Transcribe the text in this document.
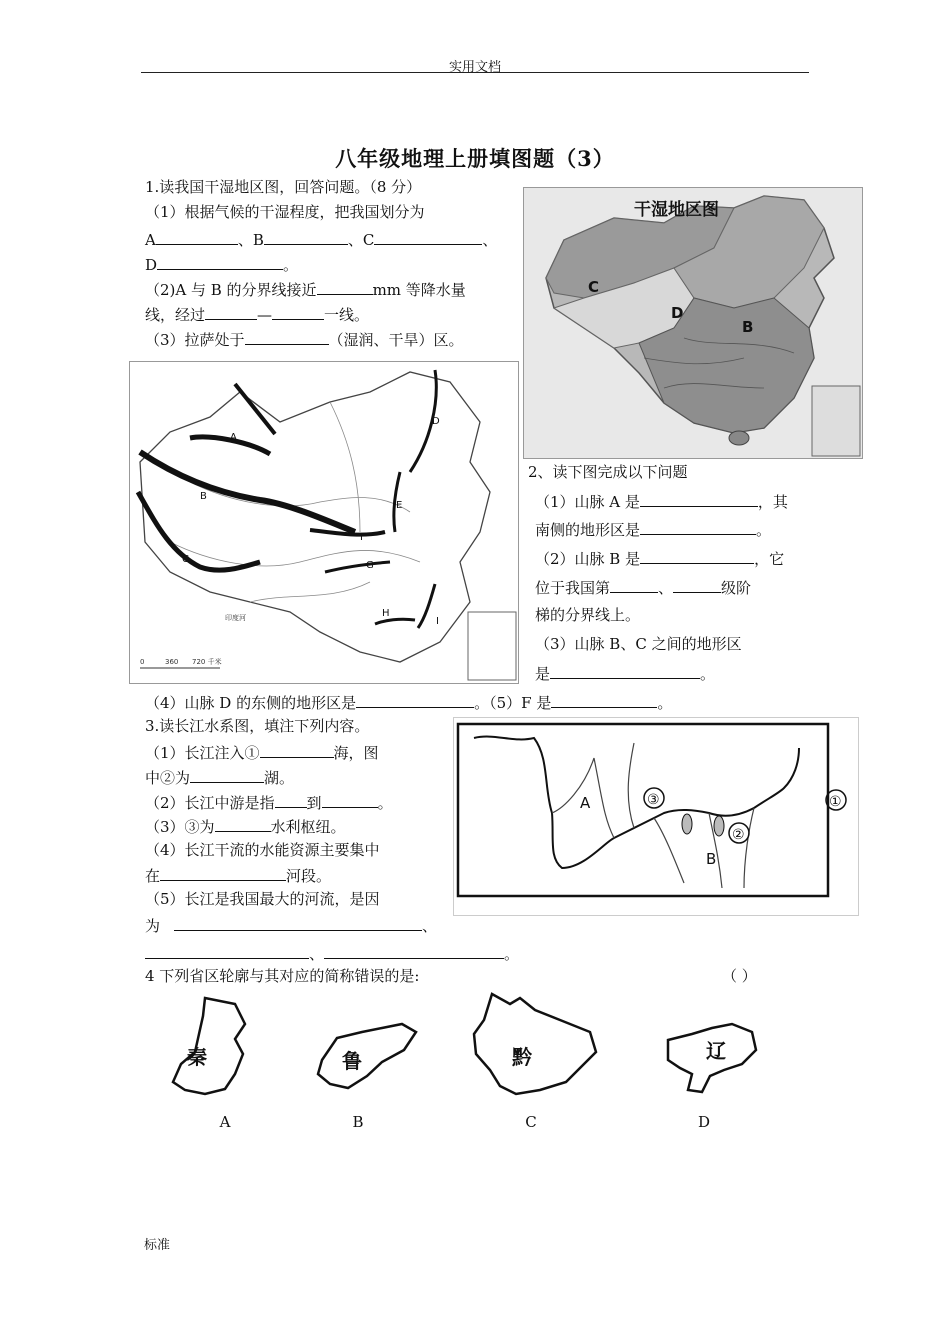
实用文档
八年级地理上册填图题（3）
1.读我国干湿地区图，回答问题。（8 分）
（1）根据气候的干湿程度，把我国划分为
A	、B	、C	、
D	。
（2)A 与 B 的分界线接近	mm 等降水量
线，经过	—	一线。
（3）拉萨处于	（湿润、干旱）区。
干湿地区图
C
D
B
A
B
C
D
E
F
G
H
I
印度河
0	360 720 千米
2、读下图完成以下问题
（1）山脉 A 是	，其
南侧的地形区是	。
（2）山脉 B 是	，它
位于我国第	、	级阶
梯的分界线上。
（3）山脉 B、C 之间的地形区
是	。
（4）山脉 D 的东侧的地形区是	。（5）F 是	。
3.读长江水系图，填注下列内容。
（1）长江注入①	海，图
中②为	湖。
（2）长江中游是指 到	。
（3）③为	水利枢纽。
（4）长江干流的水能资源主要集中
在	河段。
（5）长江是我国最大的河流，是因
为	、
、	。
A
B
③
②
①
4 下列省区轮廓与其对应的简称错误的是:	（ ）
秦	鲁	黔	辽
A	B	C	D
标准
